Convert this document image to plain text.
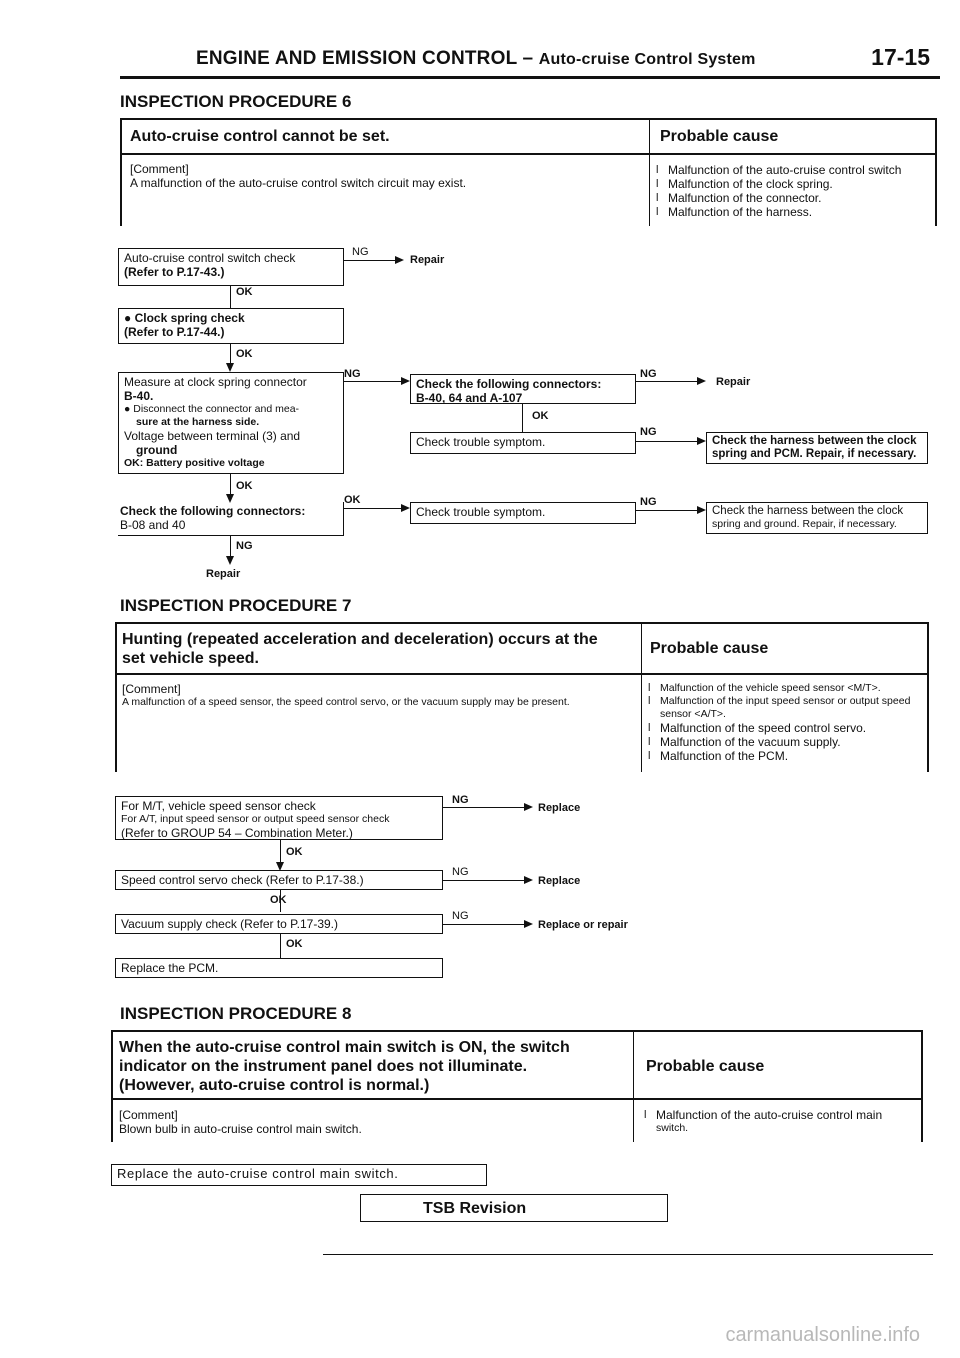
ENGINE AND EMISSION CONTROL – Auto-cruise Control System	17-15
INSPECTION PROCEDURE 6
Auto-cruise control cannot be set.	Probable cause
[Comment]
A malfunction of the auto-cruise control switch circuit may exist.
l Malfunction of the auto-cruise control switch
l Malfunction of the clock spring.
l Malfunction of the connector.
l Malfunction of the harness.
Auto-cruise control switch check
(Refer to P.17-43.)
NG
Repair
OK
● Clock spring check
(Refer to P.17-44.)
OK
Measure at clock spring connector
B-40.
● Disconnect the connector and mea-
sure at the harness side.
Voltage between terminal (3) and
ground
OK: Battery positive voltage
NG
Check the following connectors:
B-40, 64 and A-107
NG
Repair
OK
Check trouble symptom.
NG
Check the harness between the clock
spring and PCM. Repair, if necessary.
OK
Check the following connectors:
B-08 and 40
OK
Check trouble symptom.
NG
Check the harness between the clock
spring and ground. Repair, if necessary.
NG
Repair
INSPECTION PROCEDURE 7
Hunting (repeated acceleration and deceleration) occurs at the
set vehicle speed.
Probable cause
[Comment]
A malfunction of a speed sensor, the speed control servo, or the vacuum supply may be present.
l Malfunction of the vehicle speed sensor <M/T>.
l Malfunction of the input speed sensor or output speed sensor <A/T>.
l Malfunction of the speed control servo.
l Malfunction of the vacuum supply.
l Malfunction of the PCM.
For M/T, vehicle speed sensor check
For A/T, input speed sensor or output speed sensor check
(Refer to GROUP 54 – Combination Meter.)
NG
Replace
OK
Speed control servo check (Refer to P.17-38.)
NG
Replace
OK
Vacuum supply check (Refer to P.17-39.)
NG
Replace or repair
OK
Replace the PCM.
INSPECTION PROCEDURE 8
When the auto-cruise control main switch is ON, the switch
indicator on the instrument panel does not illuminate.
(However, auto-cruise control is normal.)
Probable cause
[Comment]
Blown bulb in auto-cruise control main switch.
l Malfunction of the auto-cruise control main
switch.
Replace the auto-cruise control main switch.
TSB Revision
carmanualsonline.info
